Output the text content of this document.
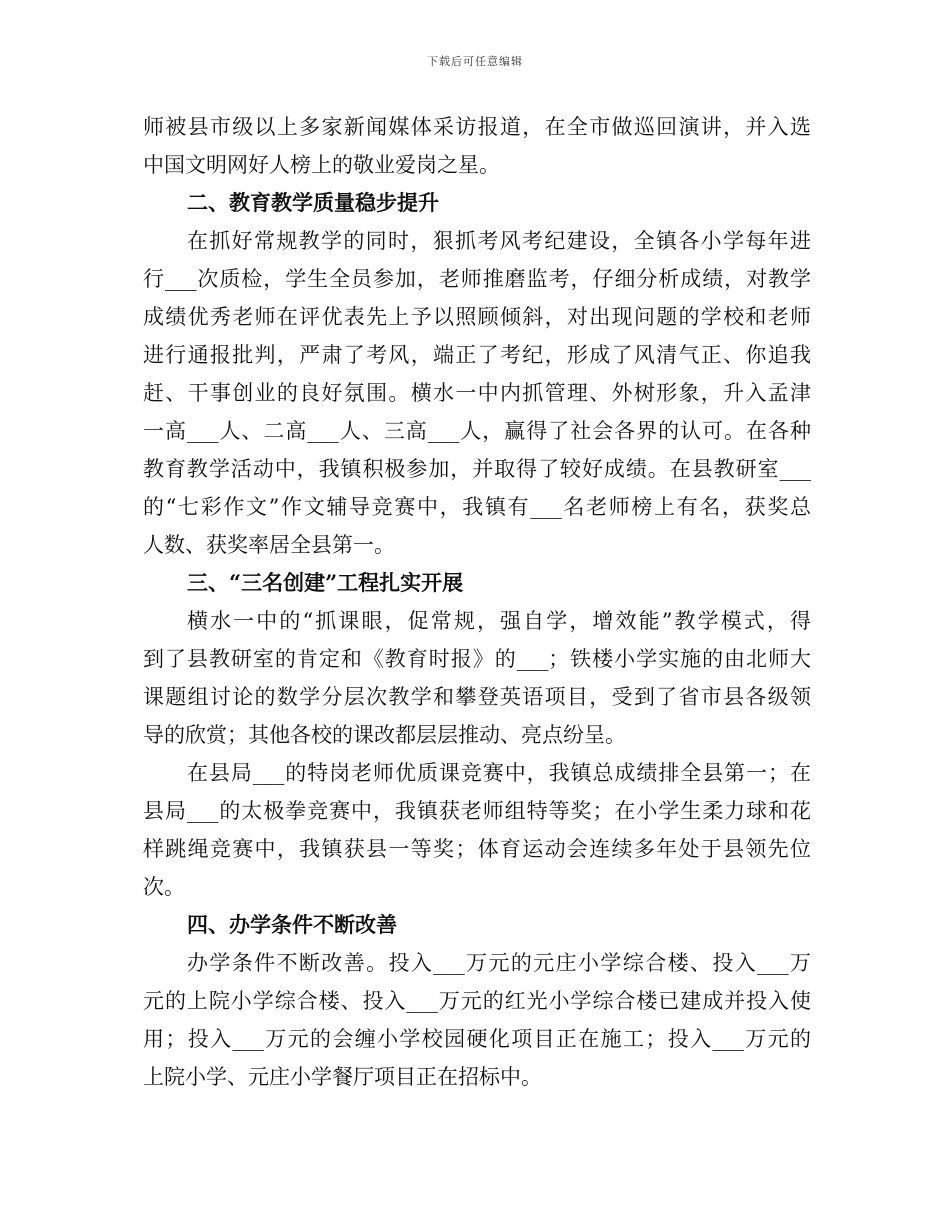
下载后可任意编辑
师被县市级以上多家新闻媒体采访报道，在全市做巡回演讲，并入选
中国文明网好人榜上的敬业爱岗之星。
二、教育教学质量稳步提升
在抓好常规教学的同时，狠抓考风考纪建设，全镇各小学每年进
行___次质检，学生全员参加，老师推磨监考，仔细分析成绩，对教学
成绩优秀老师在评优表先上予以照顾倾斜，对出现问题的学校和老师
进行通报批判，严肃了考风，端正了考纪，形成了风清气正、你追我
赶、干事创业的良好氛围。横水一中内抓管理、外树形象，升入孟津
一高___人、二高___人、三高___人，赢得了社会各界的认可。在各种
教育教学活动中，我镇积极参加，并取得了较好成绩。在县教研室___
的“七彩作文”作文辅导竞赛中，我镇有___名老师榜上有名，获奖总
人数、获奖率居全县第一。
三、“三名创建”工程扎实开展
横水一中的“抓课眼，促常规，强自学，增效能”教学模式，得
到了县教研室的肯定和《教育时报》的___；铁楼小学实施的由北师大
课题组讨论的数学分层次教学和攀登英语项目，受到了省市县各级领
导的欣赏；其他各校的课改都层层推动、亮点纷呈。
在县局___的特岗老师优质课竞赛中，我镇总成绩排全县第一；在
县局___的太极拳竞赛中，我镇获老师组特等奖；在小学生柔力球和花
样跳绳竞赛中，我镇获县一等奖；体育运动会连续多年处于县领先位
次。
四、办学条件不断改善
办学条件不断改善。投入___万元的元庄小学综合楼、投入___万
元的上院小学综合楼、投入___万元的红光小学综合楼已建成并投入使
用；投入___万元的会缠小学校园硬化项目正在施工；投入___万元的
上院小学、元庄小学餐厅项目正在招标中。
